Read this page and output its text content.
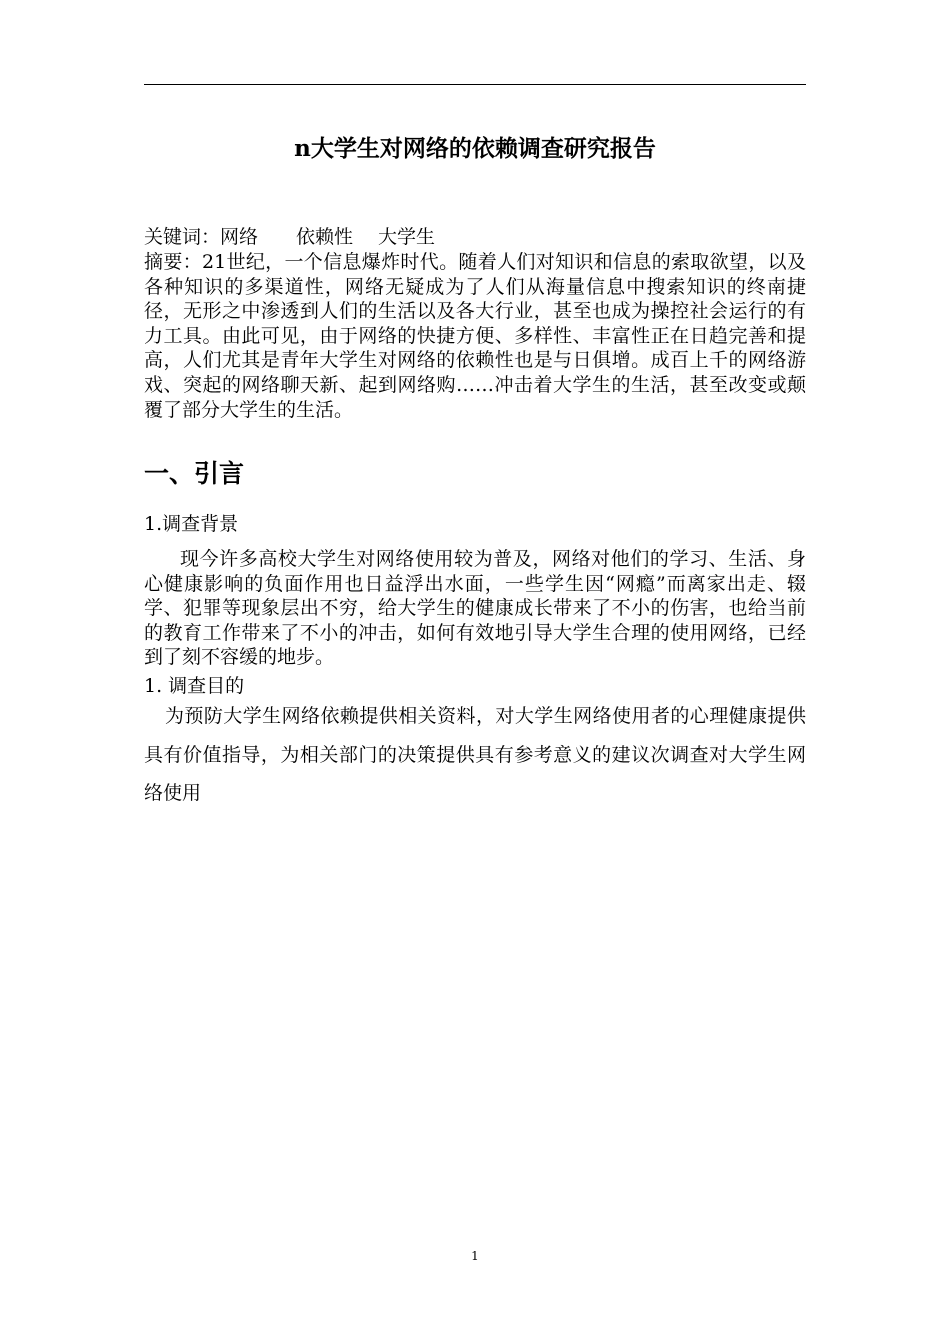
n大学生对网络的依赖调查研究报告
关键词：网络　　依赖性　 大学生
摘要：21世纪，一个信息爆炸时代。随着人们对知识和信息的索取欲望，以及各种知识的多渠道性，网络无疑成为了人们从海量信息中搜索知识的终南捷径，无形之中渗透到人们的生活以及各大行业，甚至也成为操控社会运行的有力工具。由此可见，由于网络的快捷方便、多样性、丰富性正在日趋完善和提高，人们尤其是青年大学生对网络的依赖性也是与日俱增。成百上千的网络游戏、突起的网络聊天新、起到网络购……冲击着大学生的生活，甚至改变或颠覆了部分大学生的生活。
一、引言
1.调查背景
现今许多高校大学生对网络使用较为普及，网络对他们的学习、生活、身心健康影响的负面作用也日益浮出水面，一些学生因“网瘾”而离家出走、辍学、犯罪等现象层出不穷，给大学生的健康成长带来了不小的伤害，也给当前的教育工作带来了不小的冲击，如何有效地引导大学生合理的使用网络，已经到了刻不容缓的地步。
1. 调查目的
为预防大学生网络依赖提供相关资料，对大学生网络使用者的心理健康提供具有价值指导，为相关部门的决策提供具有参考意义的建议次调查对大学生网络使用
1
